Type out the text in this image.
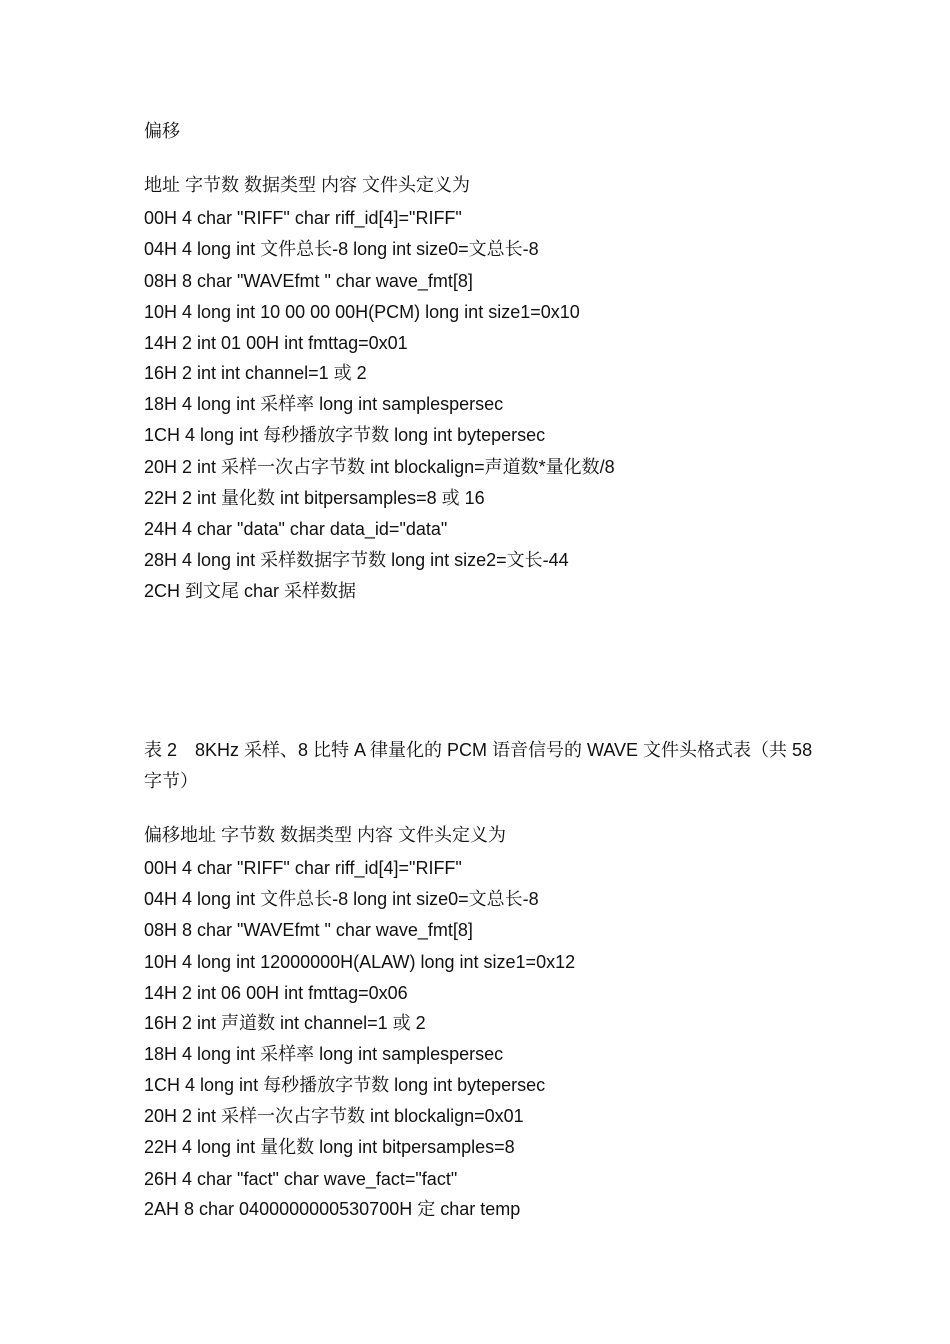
偏移
地址 字节数 数据类型 内容 文件头定义为
00H 4 char "RIFF" char riff_id[4]="RIFF"
04H 4 long int 文件总长-8 long int size0=文总长-8
08H 8 char "WAVEfmt " char wave_fmt[8]
10H 4 long int 10 00 00 00H(PCM) long int size1=0x10
14H 2 int 01 00H int fmttag=0x01
16H 2 int int channel=1 或 2
18H 4 long int 采样率 long int samplespersec
1CH 4 long int 每秒播放字节数 long int bytepersec
20H 2 int 采样一次占字节数 int blockalign=声道数*量化数/8
22H 2 int 量化数 int bitpersamples=8 或 16
24H 4 char "data" char data_id="data"
28H 4 long int 采样数据字节数 long int size2=文长-44
2CH 到文尾 char 采样数据
表 2　8KHz 采样、8 比特 A 律量化的 PCM 语音信号的 WAVE 文件头格式表（共 58 字节）
偏移地址 字节数 数据类型 内容 文件头定义为
00H 4 char "RIFF" char riff_id[4]="RIFF"
04H 4 long int 文件总长-8 long int size0=文总长-8
08H 8 char "WAVEfmt " char wave_fmt[8]
10H 4 long int 12000000H(ALAW) long int size1=0x12
14H 2 int 06 00H int fmttag=0x06
16H 2 int 声道数 int channel=1 或 2
18H 4 long int 采样率 long int samplespersec
1CH 4 long int 每秒播放字节数 long int bytepersec
20H 2 int 采样一次占字节数 int blockalign=0x01
22H 4 long int 量化数 long int bitpersamples=8
26H 4 char "fact" char wave_fact="fact"
2AH 8 char 0400000000530700H 定 char temp
